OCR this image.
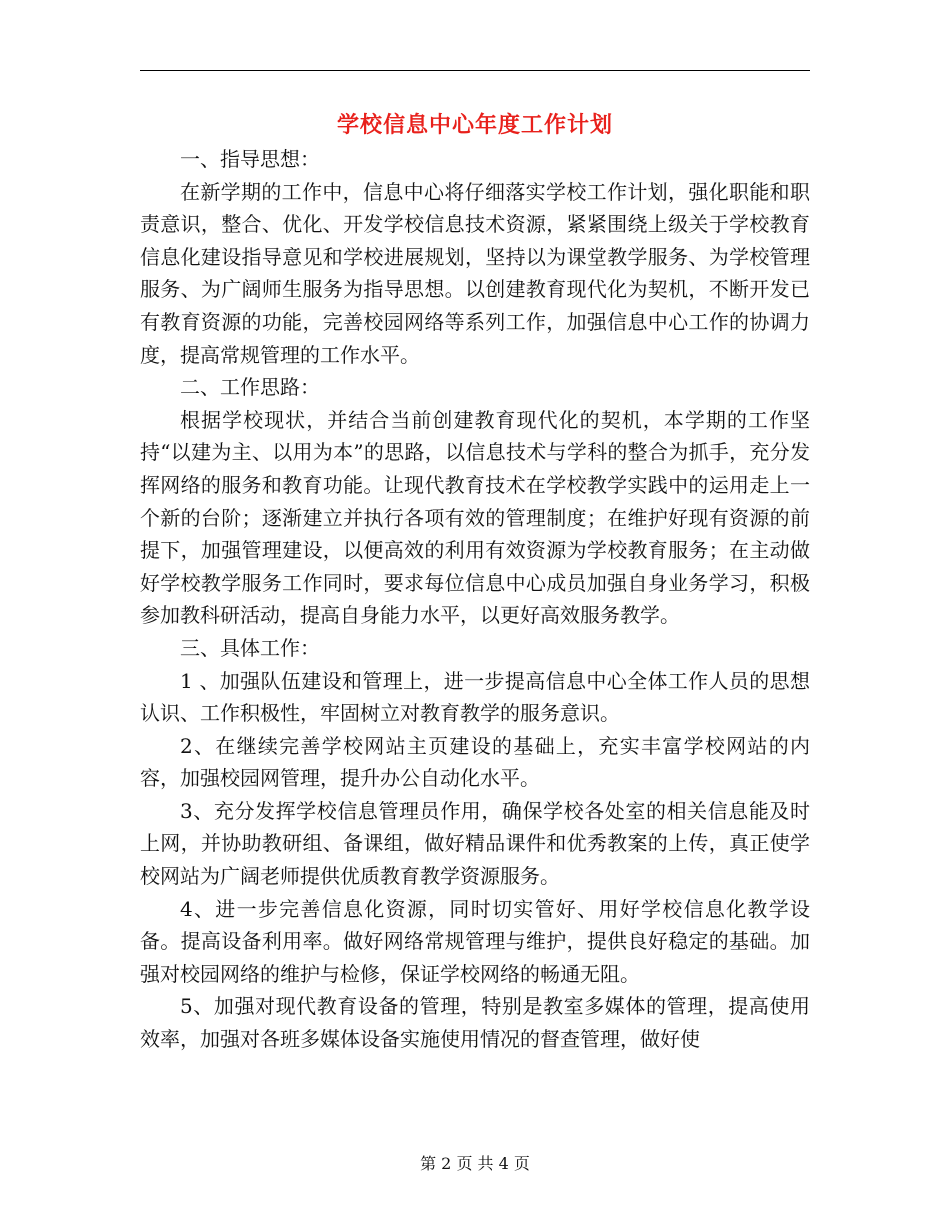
学校信息中心年度工作计划

一、指导思想：

在新学期的工作中，信息中心将仔细落实学校工作计划，强化职能和职责意识，整合、优化、开发学校信息技术资源，紧紧围绕上级关于学校教育信息化建设指导意见和学校进展规划，坚持以为课堂教学服务、为学校管理服务、为广阔师生服务为指导思想。以创建教育现代化为契机，不断开发已有教育资源的功能，完善校园网络等系列工作，加强信息中心工作的协调力度，提高常规管理的工作水平。

二、工作思路：

根据学校现状，并结合当前创建教育现代化的契机，本学期的工作坚持“以建为主、以用为本”的思路，以信息技术与学科的整合为抓手，充分发挥网络的服务和教育功能。让现代教育技术在学校教学实践中的运用走上一个新的台阶；逐渐建立并执行各项有效的管理制度；在维护好现有资源的前提下，加强管理建设，以便高效的利用有效资源为学校教育服务；在主动做好学校教学服务工作同时，要求每位信息中心成员加强自身业务学习，积极参加教科研活动，提高自身能力水平，以更好高效服务教学。

三、具体工作：

1 、加强队伍建设和管理上，进一步提高信息中心全体工作人员的思想认识、工作积极性，牢固树立对教育教学的服务意识。

2、在继续完善学校网站主页建设的基础上，充实丰富学校网站的内容，加强校园网管理，提升办公自动化水平。

3、充分发挥学校信息管理员作用，确保学校各处室的相关信息能及时上网，并协助教研组、备课组，做好精品课件和优秀教案的上传，真正使学校网站为广阔老师提供优质教育教学资源服务。

4、进一步完善信息化资源，同时切实管好、用好学校信息化教学设备。提高设备利用率。做好网络常规管理与维护，提供良好稳定的基础。加强对校园网络的维护与检修，保证学校网络的畅通无阻。

5、加强对现代教育设备的管理，特别是教室多媒体的管理，提高使用效率，加强对各班多媒体设备实施使用情况的督查管理，做好使

第 2 页 共 4 页
